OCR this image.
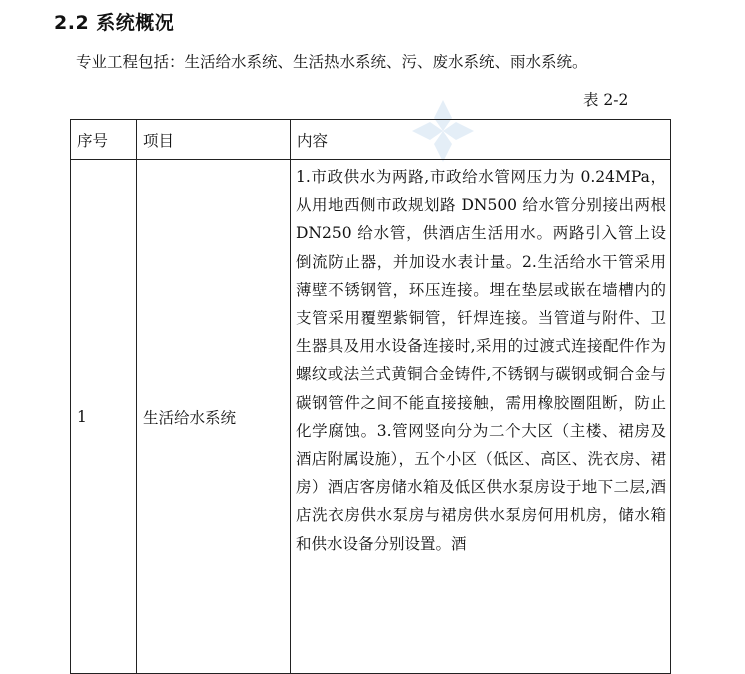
2.2 系统概况
专业工程包括：生活给水系统、生活热水系统、污、废水系统、雨水系统。
表 2-2
序号	项目	内容
1	生活给水系统	1.市政供水为两路,市政给水管网压力为 0.24MPa，从用地西侧市政规划路 DN500 给水管分别接出两根 DN250 给水管，供酒店生活用水。两路引入管上设倒流防止器，并加设水表计量。2.生活给水干管采用薄壁不锈钢管，环压连接。埋在垫层或嵌在墙槽内的支管采用覆塑紫铜管，钎焊连接。当管道与附件、卫生器具及用水设备连接时,采用的过渡式连接配件作为螺纹或法兰式黄铜合金铸件,不锈钢与碳钢或铜合金与碳钢管件之间不能直接接触，需用橡胶圈阻断，防止化学腐蚀。3.管网竖向分为二个大区（主楼、裙房及酒店附属设施），五个小区（低区、高区、洗衣房、裙房）酒店客房储水箱及低区供水泵房设于地下二层,酒店洗衣房供水泵房与裙房供水泵房何用机房，储水箱和供水设备分别设置。酒
